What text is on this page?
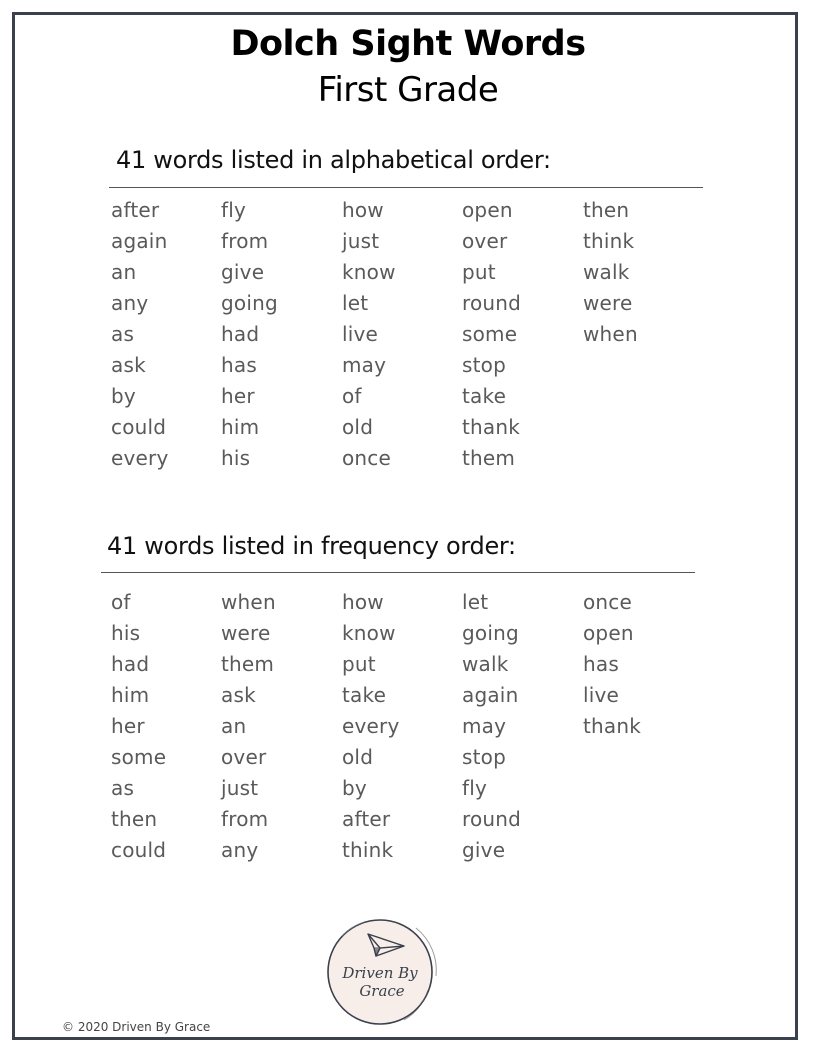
Dolch Sight Words
First Grade
41 words listed in alphabetical order:
after
again
an
any
as
ask
by
could
every
fly
from
give
going
had
has
her
him
his
how
just
know
let
live
may
of
old
once
open
over
put
round
some
stop
take
thank
them
then
think
walk
were
when
41 words listed in frequency order:
of
his
had
him
her
some
as
then
could
when
were
them
ask
an
over
just
from
any
how
know
put
take
every
old
by
after
think
let
going
walk
again
may
stop
fly
round
give
once
open
has
live
thank
Driven By
Grace
© 2020 Driven By Grace
